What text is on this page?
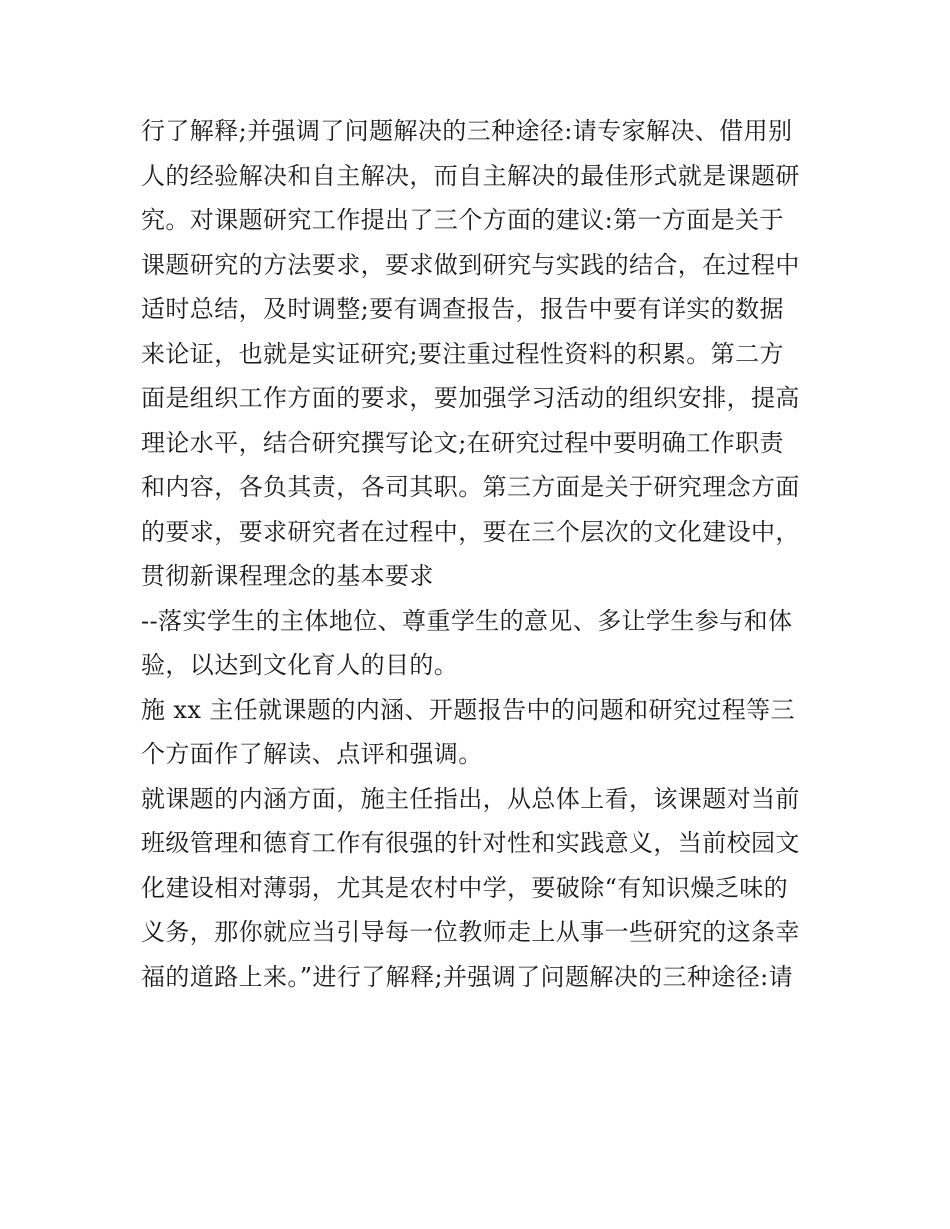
行了解释;并强调了问题解决的三种途径:请专家解决、借用别
人的经验解决和自主解决，而自主解决的最佳形式就是课题研
究。对课题研究工作提出了三个方面的建议:第一方面是关于
课题研究的方法要求，要求做到研究与实践的结合，在过程中
适时总结，及时调整;要有调查报告，报告中要有详实的数据
来论证，也就是实证研究;要注重过程性资料的积累。第二方
面是组织工作方面的要求，要加强学习活动的组织安排，提高
理论水平，结合研究撰写论文;在研究过程中要明确工作职责
和内容，各负其责，各司其职。第三方面是关于研究理念方面
的要求，要求研究者在过程中，要在三个层次的文化建设中，
贯彻新课程理念的基本要求
--落实学生的主体地位、尊重学生的意见、多让学生参与和体
验，以达到文化育人的目的。
施 xx 主任就课题的内涵、开题报告中的问题和研究过程等三
个方面作了解读、点评和强调。
就课题的内涵方面，施主任指出，从总体上看，该课题对当前
班级管理和德育工作有很强的针对性和实践意义，当前校园文
化建设相对薄弱，尤其是农村中学，要破除“有知识燥乏味的
义务，那你就应当引导每一位教师走上从事一些研究的这条幸
福的道路上来。”进行了解释;并强调了问题解决的三种途径:请
